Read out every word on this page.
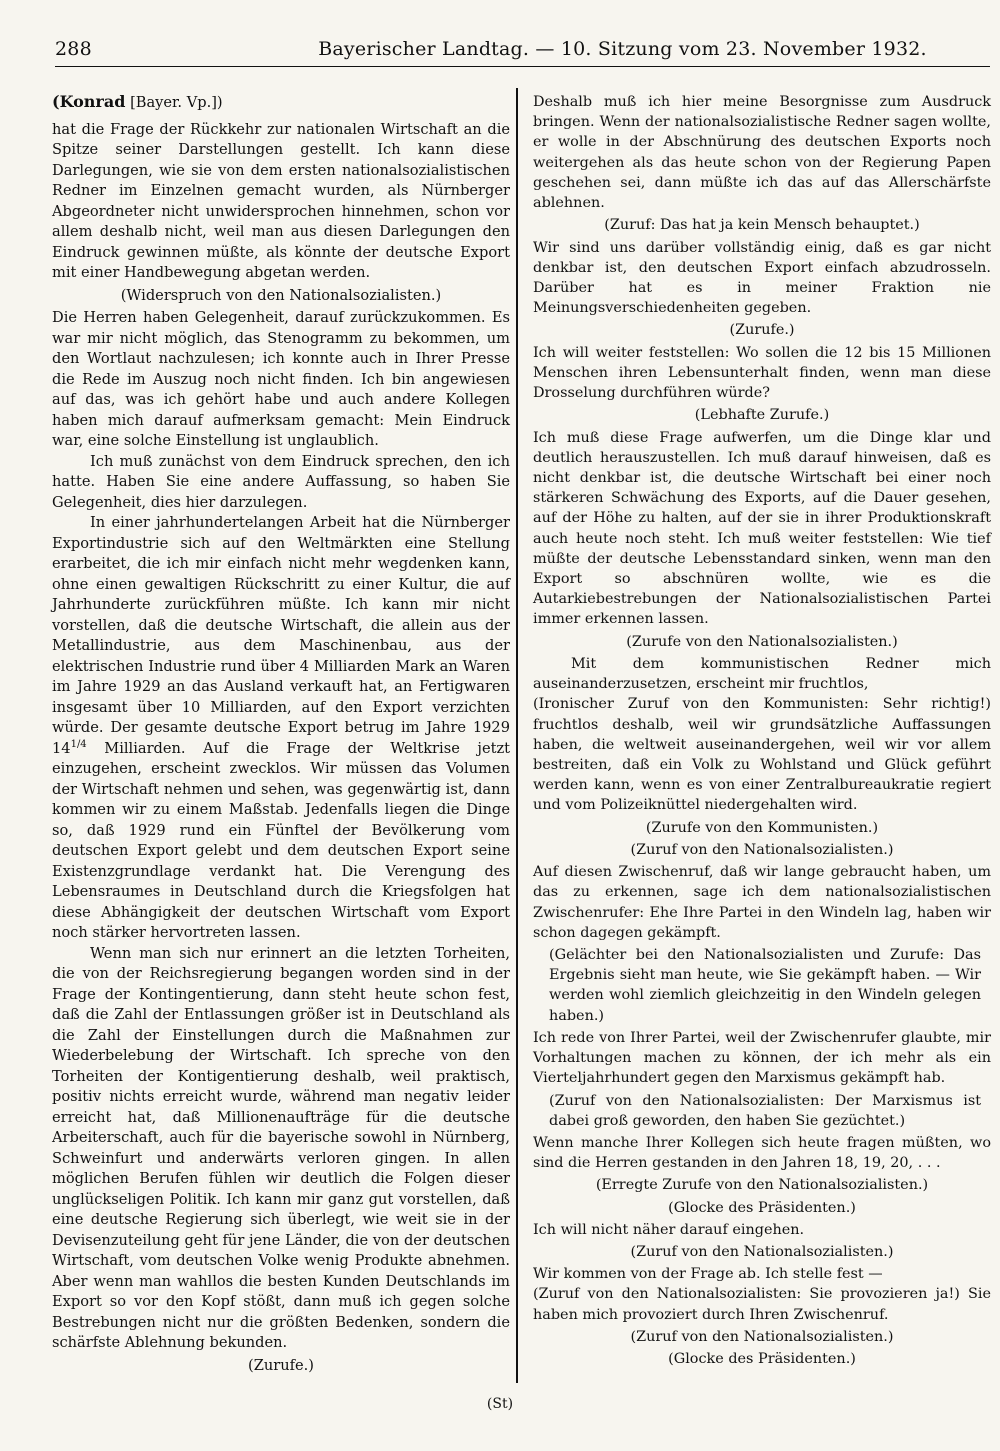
288	Bayerischer Landtag. — 10. Sitzung vom 23. November 1932.

(Konrad [Bayer. Vp.])

hat die Frage der Rückkehr zur nationalen Wirtschaft an die Spitze seiner Darstellungen gestellt. Ich kann diese Darlegungen, wie sie von dem ersten nationalsozialistischen Redner im Einzelnen gemacht wurden, als Nürnberger Abgeordneter nicht unwidersprochen hinnehmen, schon vor allem deshalb nicht, weil man aus diesen Darlegungen den Eindruck gewinnen müßte, als könnte der deutsche Export mit einer Handbewegung abgetan werden.

(Widerspruch von den Nationalsozialisten.)

Die Herren haben Gelegenheit, darauf zurückzukommen. Es war mir nicht möglich, das Stenogramm zu bekommen, um den Wortlaut nachzulesen; ich konnte auch in Ihrer Presse die Rede im Auszug noch nicht finden. Ich bin angewiesen auf das, was ich gehört habe und auch andere Kollegen haben mich darauf aufmerksam gemacht: Mein Eindruck war, eine solche Einstellung ist unglaublich.

Ich muß zunächst von dem Eindruck sprechen, den ich hatte. Haben Sie eine andere Auffassung, so haben Sie Gelegenheit, dies hier darzulegen.

In einer jahrhundertelangen Arbeit hat die Nürnberger Exportindustrie sich auf den Weltmärkten eine Stellung erarbeitet, die ich mir einfach nicht mehr wegdenken kann, ohne einen gewaltigen Rückschritt zu einer Kultur, die auf Jahrhunderte zurückführen müßte. Ich kann mir nicht vorstellen, daß die deutsche Wirtschaft, die allein aus der Metallindustrie, aus dem Maschinenbau, aus der elektrischen Industrie rund über 4 Milliarden Mark an Waren im Jahre 1929 an das Ausland verkauft hat, an Fertigwaren insgesamt über 10 Milliarden, auf den Export verzichten würde. Der gesamte deutsche Export betrug im Jahre 1929 $14^{1/4}$ Milliarden. Auf die Frage der Weltkrise jetzt einzugehen, erscheint zwecklos. Wir müssen das Volumen der Wirtschaft nehmen und sehen, was gegenwärtig ist, dann kommen wir zu einem Maßstab. Jedenfalls liegen die Dinge so, daß 1929 rund ein Fünftel der Bevölkerung vom deutschen Export gelebt und dem deutschen Export seine Existenzgrundlage verdankt hat. Die Verengung des Lebensraumes in Deutschland durch die Kriegsfolgen hat diese Abhängigkeit der deutschen Wirtschaft vom Export noch stärker hervortreten lassen.

Wenn man sich nur erinnert an die letzten Torheiten, die von der Reichsregierung begangen worden sind in der Frage der Kontingentierung, dann steht heute schon fest, daß die Zahl der Entlassungen größer ist in Deutschland als die Zahl der Einstellungen durch die Maßnahmen zur Wiederbelebung der Wirtschaft. Ich spreche von den Torheiten der Kontigentierung deshalb, weil praktisch, positiv nichts erreicht wurde, während man negativ leider erreicht hat, daß Millionenaufträge für die deutsche Arbeiterschaft, auch für die bayerische sowohl in Nürnberg, Schweinfurt und anderwärts verloren gingen. In allen möglichen Berufen fühlen wir deutlich die Folgen dieser unglückseligen Politik. Ich kann mir ganz gut vorstellen, daß eine deutsche Regierung sich überlegt, wie weit sie in der Devisenzuteilung geht für jene Länder, die von der deutschen Wirtschaft, vom deutschen Volke wenig Produkte abnehmen. Aber wenn man wahllos die besten Kunden Deutschlands im Export so vor den Kopf stößt, dann muß ich gegen solche Bestrebungen nicht nur die größten Bedenken, sondern die schärfste Ablehnung bekunden.

(Zurufe.)

Deshalb muß ich hier meine Besorgnisse zum Ausdruck bringen. Wenn der nationalsozialistische Redner sagen wollte, er wolle in der Abschnürung des deutschen Exports noch weitergehen als das heute schon von der Regierung Papen geschehen sei, dann müßte ich das auf das Allerschärfste ablehnen.

(Zuruf: Das hat ja kein Mensch behauptet.)

Wir sind uns darüber vollständig einig, daß es gar nicht denkbar ist, den deutschen Export einfach abzudrosseln. Darüber hat es in meiner Fraktion nie Meinungsverschiedenheiten gegeben.

(Zurufe.)

Ich will weiter feststellen: Wo sollen die 12 bis 15 Millionen Menschen ihren Lebensunterhalt finden, wenn man diese Drosselung durchführen würde?

(Lebhafte Zurufe.)

Ich muß diese Frage aufwerfen, um die Dinge klar und deutlich herauszustellen. Ich muß darauf hinweisen, daß es nicht denkbar ist, die deutsche Wirtschaft bei einer noch stärkeren Schwächung des Exports, auf die Dauer gesehen, auf der Höhe zu halten, auf der sie in ihrer Produktionskraft auch heute noch steht. Ich muß weiter feststellen: Wie tief müßte der deutsche Lebensstandard sinken, wenn man den Export so abschnüren wollte, wie es die Autarkiebestrebungen der Nationalsozialistischen Partei immer erkennen lassen.

(Zurufe von den Nationalsozialisten.)

Mit dem kommunistischen Redner mich auseinanderzusetzen, erscheint mir fruchtlos,

(Ironischer Zuruf von den Kommunisten: Sehr richtig!) fruchtlos deshalb, weil wir grundsätzliche Auffassungen haben, die weltweit auseinandergehen, weil wir vor allem bestreiten, daß ein Volk zu Wohlstand und Glück geführt werden kann, wenn es von einer Zentralbureaukratie regiert und vom Polizeiknüttel niedergehalten wird.

(Zurufe von den Kommunisten.)

(Zuruf von den Nationalsozialisten.)

Auf diesen Zwischenruf, daß wir lange gebraucht haben, um das zu erkennen, sage ich dem nationalsozialistischen Zwischenrufer: Ehe Ihre Partei in den Windeln lag, haben wir schon dagegen gekämpft.

(Gelächter bei den Nationalsozialisten und Zurufe: Das Ergebnis sieht man heute, wie Sie gekämpft haben. — Wir werden wohl ziemlich gleichzeitig in den Windeln gelegen haben.)

Ich rede von Ihrer Partei, weil der Zwischenrufer glaubte, mir Vorhaltungen machen zu können, der ich mehr als ein Vierteljahrhundert gegen den Marxismus gekämpft hab.

(Zuruf von den Nationalsozialisten: Der Marxismus ist dabei groß geworden, den haben Sie gezüchtet.)

Wenn manche Ihrer Kollegen sich heute fragen müßten, wo sind die Herren gestanden in den Jahren 18, 19, 20, . . .

(Erregte Zurufe von den Nationalsozialisten.)

(Glocke des Präsidenten.)

Ich will nicht näher darauf eingehen.

(Zuruf von den Nationalsozialisten.)

Wir kommen von der Frage ab. Ich stelle fest —

(Zuruf von den Nationalsozialisten: Sie provozieren ja!) Sie haben mich provoziert durch Ihren Zwischenruf.

(Zuruf von den Nationalsozialisten.)

(Glocke des Präsidenten.)

(St)
